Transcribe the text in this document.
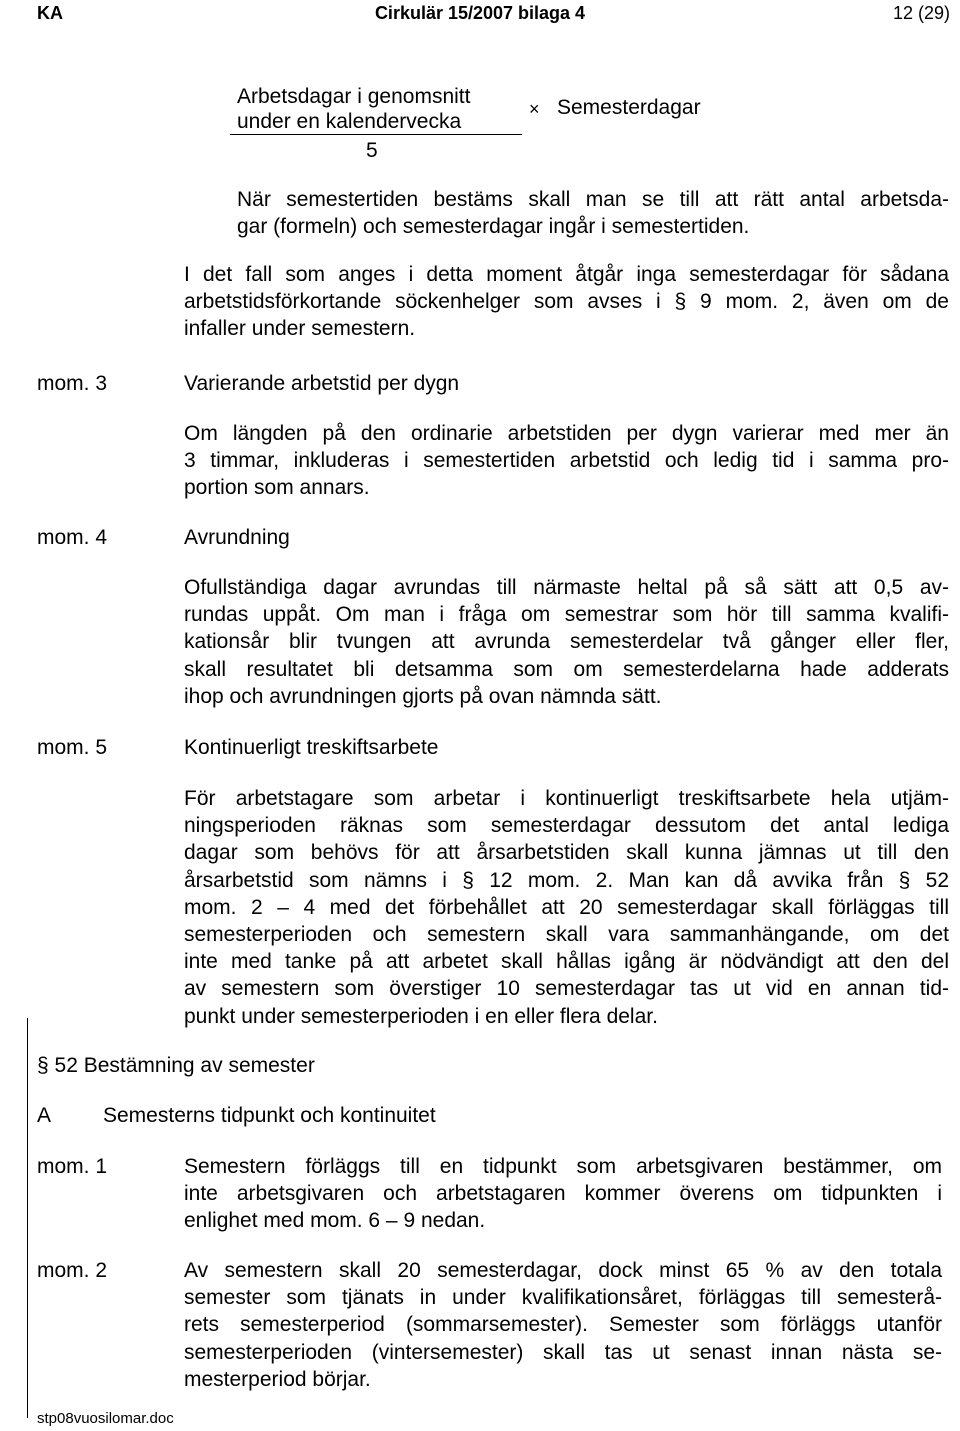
KA	Cirkulär 15/2007 bilaga 4	12 (29)
Arbetsdagar i genomsnitt
under en kalendervecka
5
× Semesterdagar
När semestertiden bestäms skall man se till att rätt antal arbetsda-
gar (formeln) och semesterdagar ingår i semestertiden.
I det fall som anges i detta moment åtgår inga semesterdagar för sådana
arbetstidsförkortande söckenhelger som avses i § 9 mom. 2, även om de
infaller under semestern.
mom. 3	Varierande arbetstid per dygn
Om längden på den ordinarie arbetstiden per dygn varierar med mer än
3 timmar, inkluderas i semestertiden arbetstid och ledig tid i samma pro-
portion som annars.
mom. 4	Avrundning
Ofullständiga dagar avrundas till närmaste heltal på så sätt att 0,5 av-
rundas uppåt. Om man i fråga om semestrar som hör till samma kvalifi-
kationsår blir tvungen att avrunda semesterdelar två gånger eller fler,
skall resultatet bli detsamma som om semesterdelarna hade adderats
ihop och avrundningen gjorts på ovan nämnda sätt.
mom. 5	Kontinuerligt treskiftsarbete
För arbetstagare som arbetar i kontinuerligt treskiftsarbete hela utjäm-
ningsperioden räknas som semesterdagar dessutom det antal lediga
dagar som behövs för att årsarbetstiden skall kunna jämnas ut till den
årsarbetstid som nämns i § 12 mom. 2. Man kan då avvika från § 52
mom. 2 – 4 med det förbehållet att 20 semesterdagar skall förläggas till
semesterperioden och semestern skall vara sammanhängande, om det
inte med tanke på att arbetet skall hållas igång är nödvändigt att den del
av semestern som överstiger 10 semesterdagar tas ut vid en annan tid-
punkt under semesterperioden i en eller flera delar.
§ 52 Bestämning av semester
A Semesterns tidpunkt och kontinuitet
mom. 1	Semestern förläggs till en tidpunkt som arbetsgivaren bestämmer, om
inte arbetsgivaren och arbetstagaren kommer överens om tidpunkten i
enlighet med mom. 6 – 9 nedan.
mom. 2	Av semestern skall 20 semesterdagar, dock minst 65 % av den totala
semester som tjänats in under kvalifikationsåret, förläggas till semesterå-
rets semesterperiod (sommarsemester). Semester som förläggs utanför
semesterperioden (vintersemester) skall tas ut senast innan nästa se-
mesterperiod börjar.
stp08vuosilomar.doc
